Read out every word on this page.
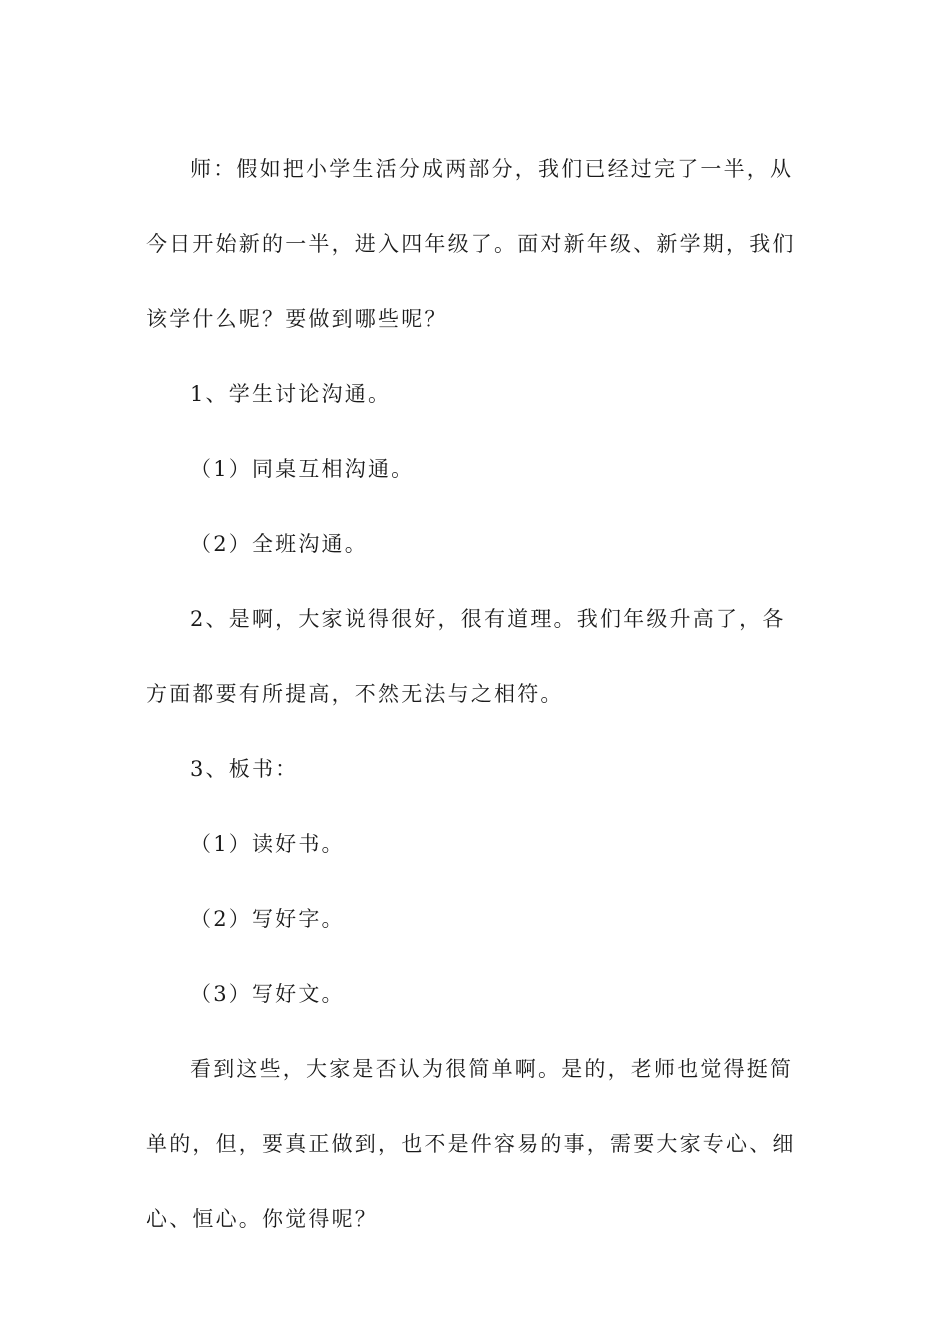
师：假如把小学生活分成两部分，我们已经过完了一半，从今日开始新的一半，进入四年级了。面对新年级、新学期，我们该学什么呢？要做到哪些呢？

1、学生讨论沟通。

（1）同桌互相沟通。

（2）全班沟通。

2、是啊，大家说得很好，很有道理。我们年级升高了，各方面都要有所提高，不然无法与之相符。

3、板书：

（1）读好书。

（2）写好字。

（3）写好文。

看到这些，大家是否认为很简单啊。是的，老师也觉得挺简单的，但，要真正做到，也不是件容易的事，需要大家专心、细心、恒心。你觉得呢？
